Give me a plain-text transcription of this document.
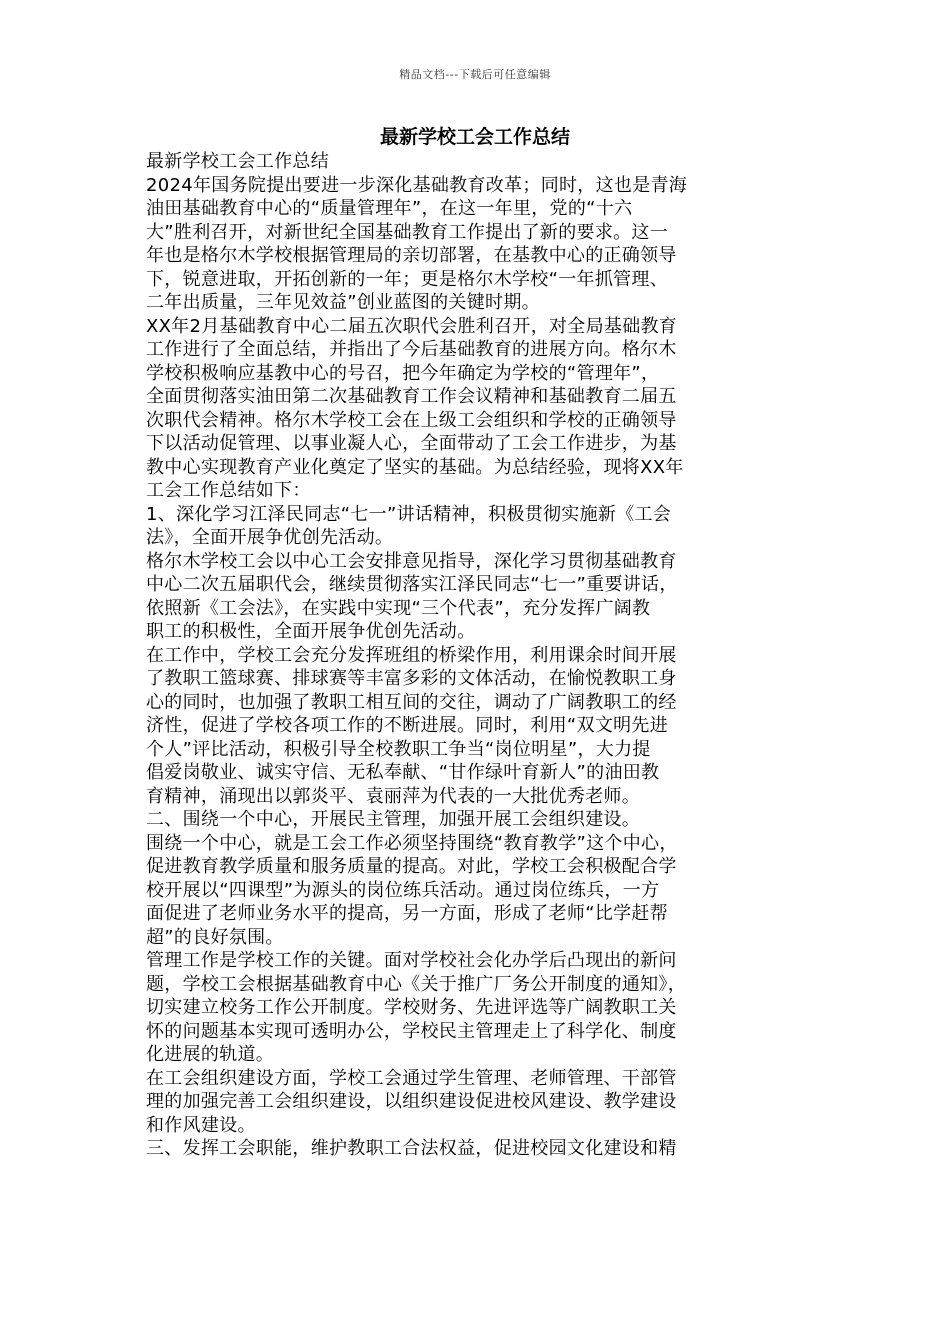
精品文档---下载后可任意编辑
最新学校工会工作总结
最新学校工会工作总结
2024年国务院提出要进一步深化基础教育改革；同时，这也是青海
油田基础教育中心的“质量管理年”，在这一年里，党的“十六
大”胜利召开，对新世纪全国基础教育工作提出了新的要求。这一
年也是格尔木学校根据管理局的亲切部署，在基教中心的正确领导
下，锐意进取，开拓创新的一年；更是格尔木学校“一年抓管理、
二年出质量，三年见效益”创业蓝图的关键时期。
XX年2月基础教育中心二届五次职代会胜利召开，对全局基础教育
工作进行了全面总结，并指出了今后基础教育的进展方向。格尔木
学校积极响应基教中心的号召，把今年确定为学校的“管理年”，
全面贯彻落实油田第二次基础教育工作会议精神和基础教育二届五
次职代会精神。格尔木学校工会在上级工会组织和学校的正确领导
下以活动促管理、以事业凝人心，全面带动了工会工作进步，为基
教中心实现教育产业化奠定了坚实的基础。为总结经验，现将XX年
工会工作总结如下：
1、深化学习江泽民同志“七一”讲话精神，积极贯彻实施新《工会
法》，全面开展争优创先活动。
格尔木学校工会以中心工会安排意见指导，深化学习贯彻基础教育
中心二次五届职代会，继续贯彻落实江泽民同志“七一”重要讲话，
依照新《工会法》，在实践中实现“三个代表”，充分发挥广阔教
职工的积极性，全面开展争优创先活动。
在工作中，学校工会充分发挥班组的桥梁作用，利用课余时间开展
了教职工篮球赛、排球赛等丰富多彩的文体活动，在愉悦教职工身
心的同时，也加强了教职工相互间的交往，调动了广阔教职工的经
济性，促进了学校各项工作的不断进展。同时，利用“双文明先进
个人”评比活动，积极引导全校教职工争当“岗位明星”，大力提
倡爱岗敬业、诚实守信、无私奉献、“甘作绿叶育新人”的油田教
育精神，涌现出以郭炎平、袁丽萍为代表的一大批优秀老师。
二、围绕一个中心，开展民主管理，加强开展工会组织建设。
围绕一个中心，就是工会工作必须坚持围绕“教育教学”这个中心，
促进教育教学质量和服务质量的提高。对此，学校工会积极配合学
校开展以“四课型”为源头的岗位练兵活动。通过岗位练兵，一方
面促进了老师业务水平的提高，另一方面，形成了老师“比学赶帮
超”的良好氛围。
管理工作是学校工作的关键。面对学校社会化办学后凸现出的新问
题，学校工会根据基础教育中心《关于推广厂务公开制度的通知》，
切实建立校务工作公开制度。学校财务、先进评选等广阔教职工关
怀的问题基本实现可透明办公，学校民主管理走上了科学化、制度
化进展的轨道。
在工会组织建设方面，学校工会通过学生管理、老师管理、干部管
理的加强完善工会组织建设，以组织建设促进校风建设、教学建设
和作风建设。
三、发挥工会职能，维护教职工合法权益，促进校园文化建设和精
